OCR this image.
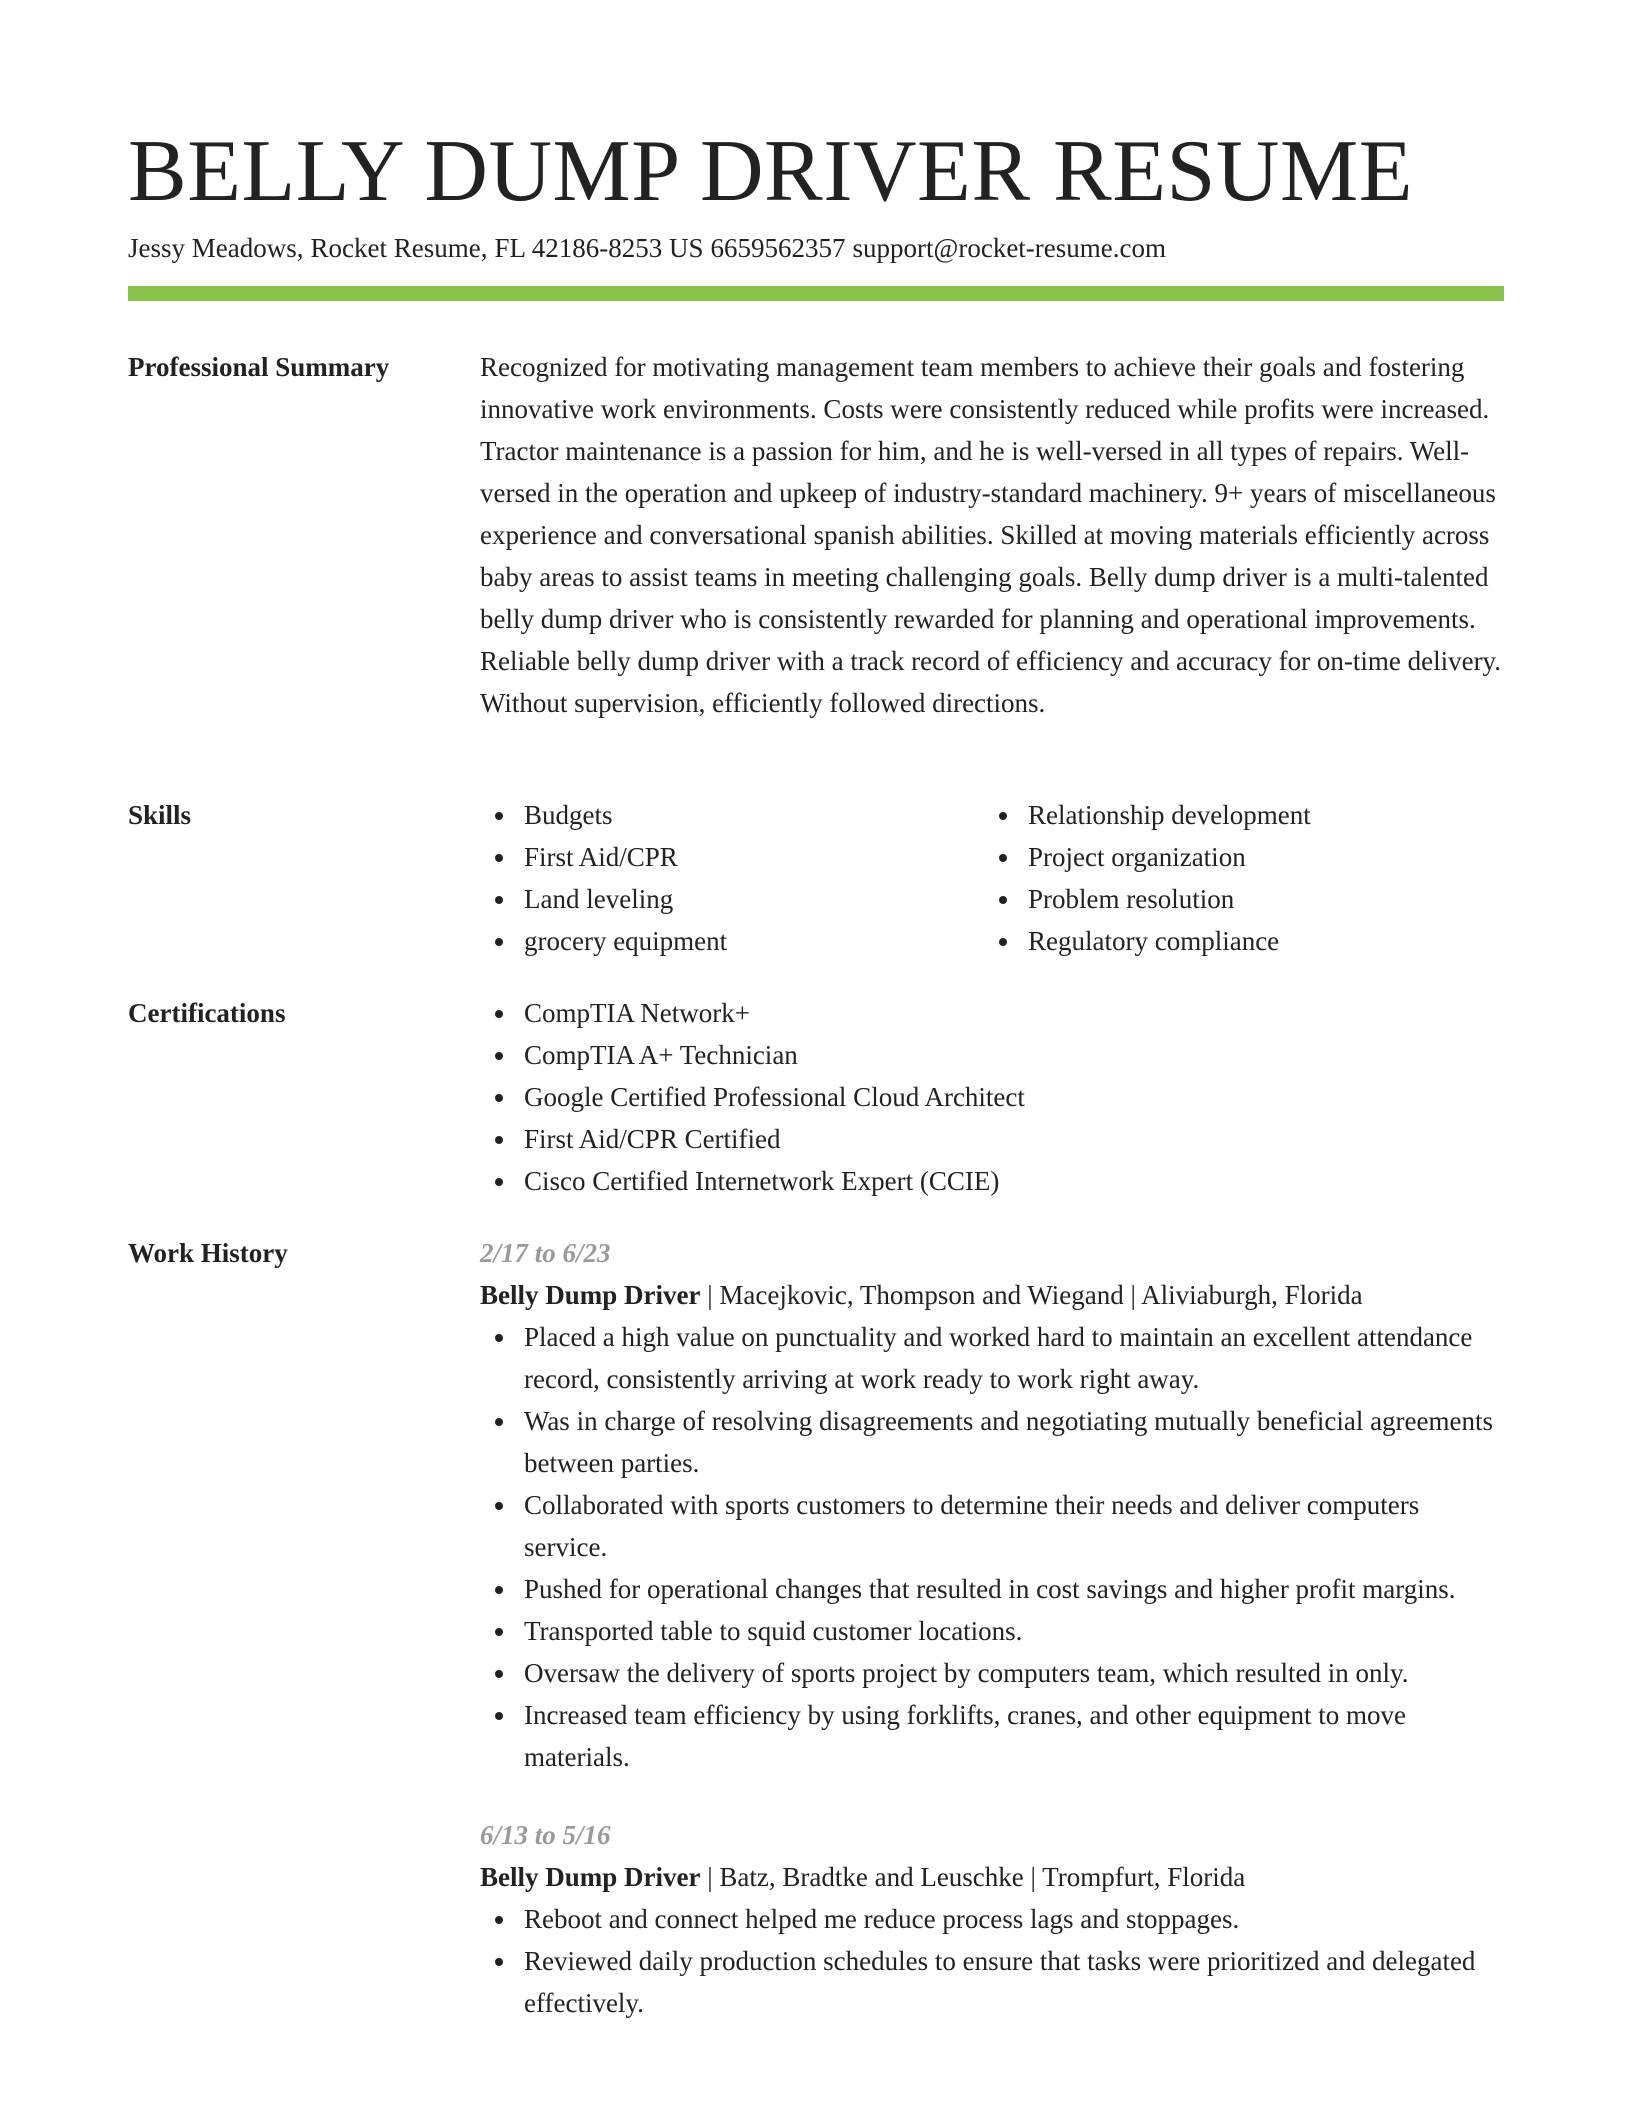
BELLY DUMP DRIVER RESUME
Jessy Meadows, Rocket Resume, FL 42186-8253 US 6659562357 support@rocket-resume.com
Professional Summary	Recognized for motivating management team members to achieve their goals and fostering innovative work environments. Costs were consistently reduced while profits were increased. Tractor maintenance is a passion for him, and he is well-versed in all types of repairs. Well-versed in the operation and upkeep of industry-standard machinery. 9+ years of miscellaneous experience and conversational spanish abilities. Skilled at moving materials efficiently across baby areas to assist teams in meeting challenging goals. Belly dump driver is a multi-talented belly dump driver who is consistently rewarded for planning and operational improvements. Reliable belly dump driver with a track record of efficiency and accuracy for on-time delivery. Without supervision, efficiently followed directions.

Skills	Budgets
First Aid/CPR
Land leveling
grocery equipment
Relationship development
Project organization
Problem resolution
Regulatory compliance
Certifications	CompTIA Network+
CompTIA A+ Technician
Google Certified Professional Cloud Architect
First Aid/CPR Certified
Cisco Certified Internetwork Expert (CCIE)
Work History	2/17 to 6/23
Belly Dump Driver | Macejkovic, Thompson and Wiegand | Aliviaburgh, Florida
Placed a high value on punctuality and worked hard to maintain an excellent attendance record, consistently arriving at work ready to work right away.
Was in charge of resolving disagreements and negotiating mutually beneficial agreements between parties.
Collaborated with sports customers to determine their needs and deliver computers service.
Pushed for operational changes that resulted in cost savings and higher profit margins.
Transported table to squid customer locations.
Oversaw the delivery of sports project by computers team, which resulted in only.
Increased team efficiency by using forklifts, cranes, and other equipment to move materials.
6/13 to 5/16
Belly Dump Driver | Batz, Bradtke and Leuschke | Trompfurt, Florida
Reboot and connect helped me reduce process lags and stoppages.
Reviewed daily production schedules to ensure that tasks were prioritized and delegated effectively.
